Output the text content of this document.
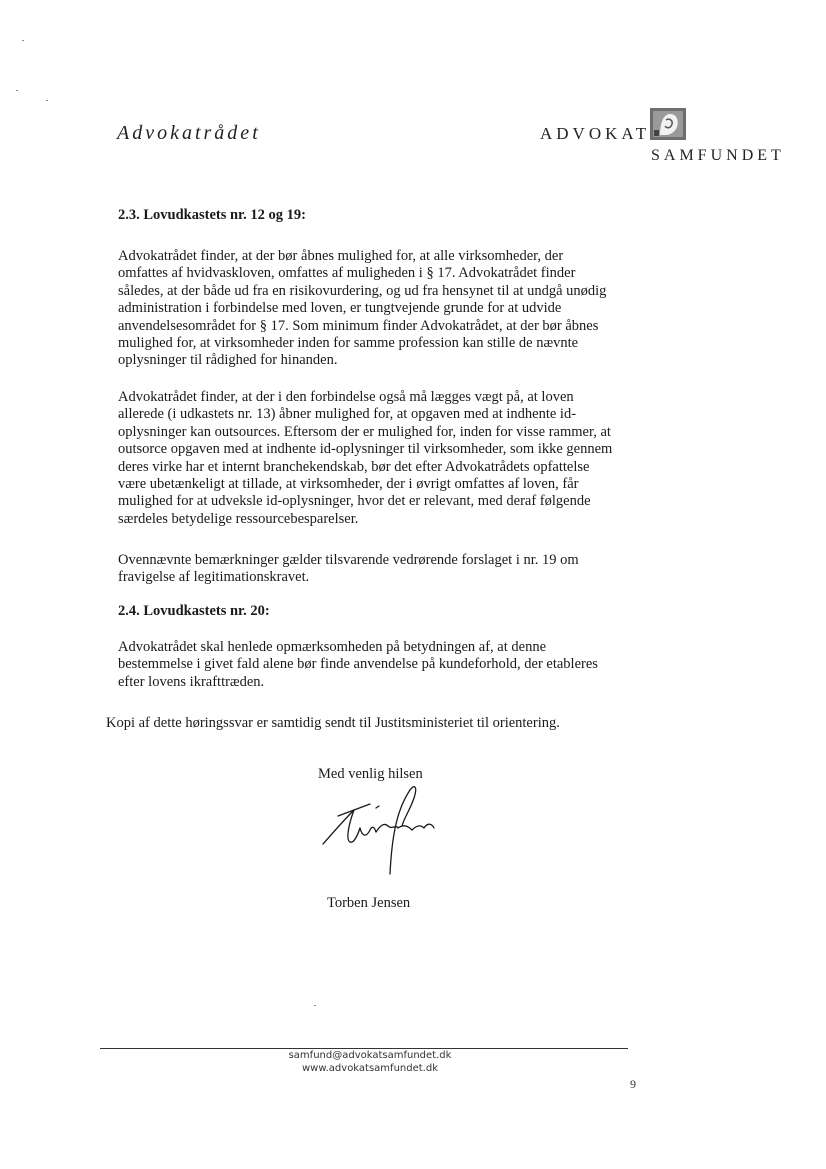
Advokatrådet	ADVOKAT
SAMFUNDET
2.3. Lovudkastets nr. 12 og 19:
Advokatrådet finder, at der bør åbnes mulighed for, at alle virksomheder, der
omfattes af hvidvaskloven, omfattes af muligheden i § 17. Advokatrådet finder
således, at der både ud fra en risikovurdering, og ud fra hensynet til at undgå unødig
administration i forbindelse med loven, er tungtvejende grunde for at udvide
anvendelsesområdet for § 17. Som minimum finder Advokatrådet, at der bør åbnes
mulighed for, at virksomheder inden for samme profession kan stille de nævnte
oplysninger til rådighed for hinanden.
Advokatrådet finder, at der i den forbindelse også må lægges vægt på, at loven
allerede (i udkastets nr. 13) åbner mulighed for, at opgaven med at indhente id-
oplysninger kan outsources. Eftersom der er mulighed for, inden for visse rammer, at
outsorce opgaven med at indhente id-oplysninger til virksomheder, som ikke gennem
deres virke har et internt branchekendskab, bør det efter Advokatrådets opfattelse
være ubetænkeligt at tillade, at virksomheder, der i øvrigt omfattes af loven, får
mulighed for at udveksle id-oplysninger, hvor det er relevant, med deraf følgende
særdeles betydelige ressourcebesparelser.
Ovennævnte bemærkninger gælder tilsvarende vedrørende forslaget i nr. 19 om
fravigelse af legitimationskravet.
2.4. Lovudkastets nr. 20:
Advokatrådet skal henlede opmærksomheden på betydningen af, at denne
bestemmelse i givet fald alene bør finde anvendelse på kundeforhold, der etableres
efter lovens ikrafttræden.
Kopi af dette høringssvar er samtidig sendt til Justitsministeriet til orientering.
Med venlig hilsen
Torben Jensen
samfund@advokatsamfundet.dk
www.advokatsamfundet.dk
9
